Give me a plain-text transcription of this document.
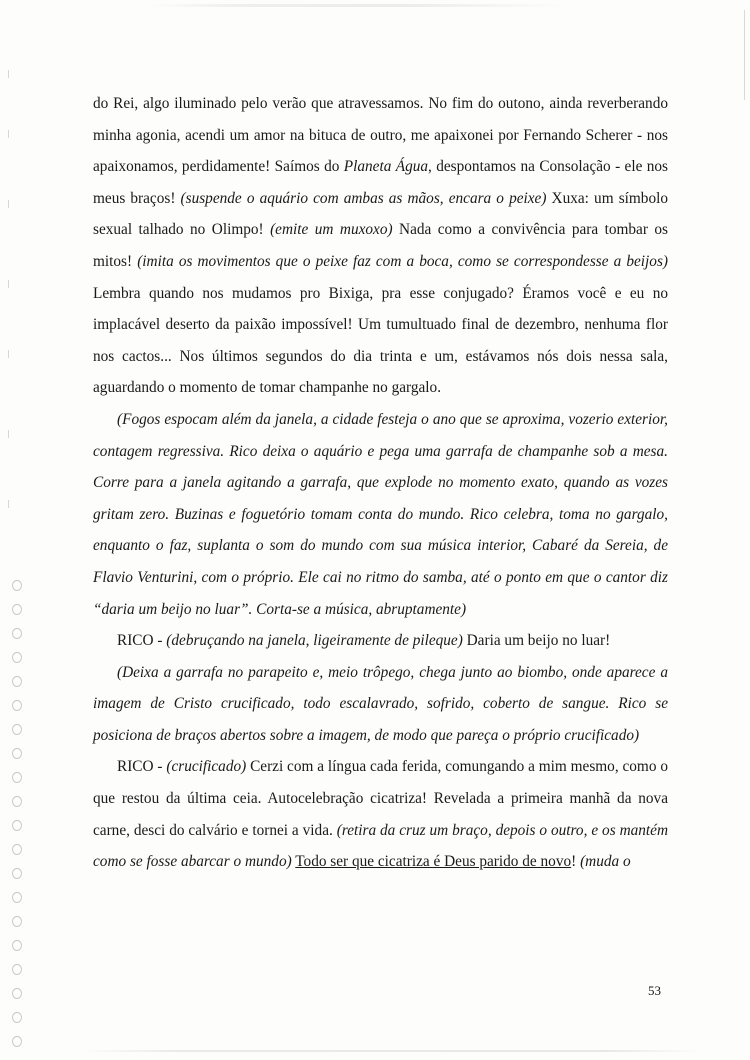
do Rei, algo iluminado pelo verão que atravessamos. No fim do outono, ainda reverberando minha agonia, acendi um amor na bituca de outro, me apaixonei por Fernando Scherer - nos apaixonamos, perdidamente! Saímos do Planeta Água, despontamos na Consolação - ele nos meus braços! (suspende o aquário com ambas as mãos, encara o peixe) Xuxa: um símbolo sexual talhado no Olimpo! (emite um muxoxo) Nada como a convivência para tombar os mitos! (imita os movimentos que o peixe faz com a boca, como se correspondesse a beijos) Lembra quando nos mudamos pro Bixiga, pra esse conjugado? Éramos você e eu no implacável deserto da paixão impossível! Um tumultuado final de dezembro, nenhuma flor nos cactos... Nos últimos segundos do dia trinta e um, estávamos nós dois nessa sala, aguardando o momento de tomar champanhe no gargalo.

(Fogos espocam além da janela, a cidade festeja o ano que se aproxima, vozerio exterior, contagem regressiva. Rico deixa o aquário e pega uma garrafa de champanhe sob a mesa. Corre para a janela agitando a garrafa, que explode no momento exato, quando as vozes gritam zero. Buzinas e foguetório tomam conta do mundo. Rico celebra, toma no gargalo, enquanto o faz, suplanta o som do mundo com sua música interior, Cabaré da Sereia, de Flavio Venturini, com o próprio. Ele cai no ritmo do samba, até o ponto em que o cantor diz “daria um beijo no luar”. Corta-se a música, abruptamente)

RICO - (debruçando na janela, ligeiramente de pileque) Daria um beijo no luar!

(Deixa a garrafa no parapeito e, meio trôpego, chega junto ao biombo, onde aparece a imagem de Cristo crucificado, todo escalavrado, sofrido, coberto de sangue. Rico se posiciona de braços abertos sobre a imagem, de modo que pareça o próprio crucificado)

RICO - (crucificado) Cerzi com a língua cada ferida, comungando a mim mesmo, como o que restou da última ceia. Autocelebração cicatriza! Revelada a primeira manhã da nova carne, desci do calvário e tornei a vida. (retira da cruz um braço, depois o outro, e os mantém como se fosse abarcar o mundo) Todo ser que cicatriza é Deus parido de novo! (muda o

53
